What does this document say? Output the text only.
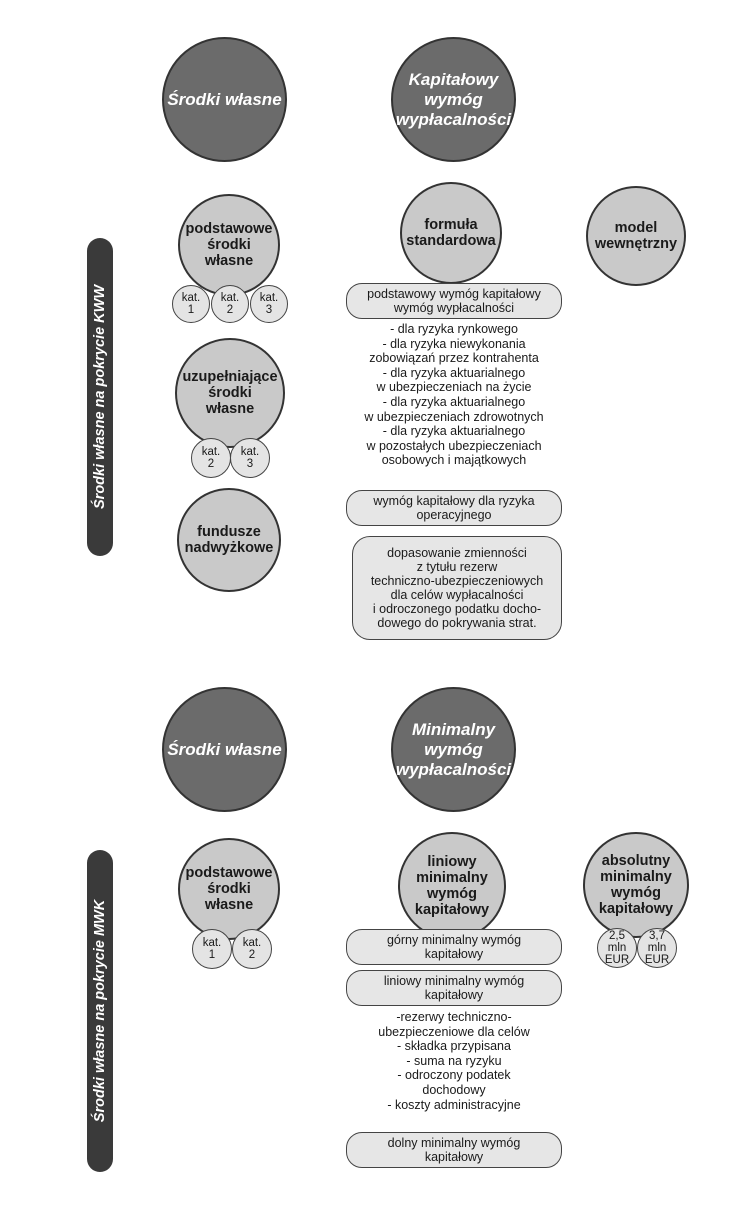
Środki własne na pokrycie KWW
Środki własne na pokrycie MWK
Środki własne
Kapitałowy
wymóg
wypłacalności
podstawowe
środki
własne
kat.
1
kat.
2
kat.
3
uzupełniające
środki
własne
kat.
2
kat.
3
fundusze
nadwyżkowe
formuła
standardowa
model
wewnętrzny
podstawowy wymóg kapitałowy
wymóg wypłacalności
- dla ryzyka rynkowego
- dla ryzyka niewykonania
zobowiązań przez kontrahenta
- dla ryzyka aktuarialnego
w ubezpieczeniach na życie
- dla ryzyka aktuarialnego
w ubezpieczeniach zdrowotnych
- dla ryzyka aktuarialnego
w pozostałych ubezpieczeniach
osobowych i majątkowych
wymóg kapitałowy dla ryzyka
operacyjnego
dopasowanie zmienności
z tytułu rezerw
techniczno-ubezpieczeniowych
dla celów wypłacalności
i odroczonego podatku docho-
dowego do pokrywania strat.
Środki własne
Minimalny
wymóg
wypłacalności
podstawowe
środki
własne
kat.
1
kat.
2
liniowy
minimalny
wymóg
kapitałowy
absolutny
minimalny
wymóg
kapitałowy
2,5
mln
EUR
3,7
mln
EUR
górny minimalny wymóg
kapitałowy
liniowy minimalny wymóg
kapitałowy
-rezerwy techniczno-
ubezpieczeniowe dla celów
- składka przypisana
- suma na ryzyku
- odroczony podatek
dochodowy
- koszty administracyjne
dolny minimalny wymóg
kapitałowy
